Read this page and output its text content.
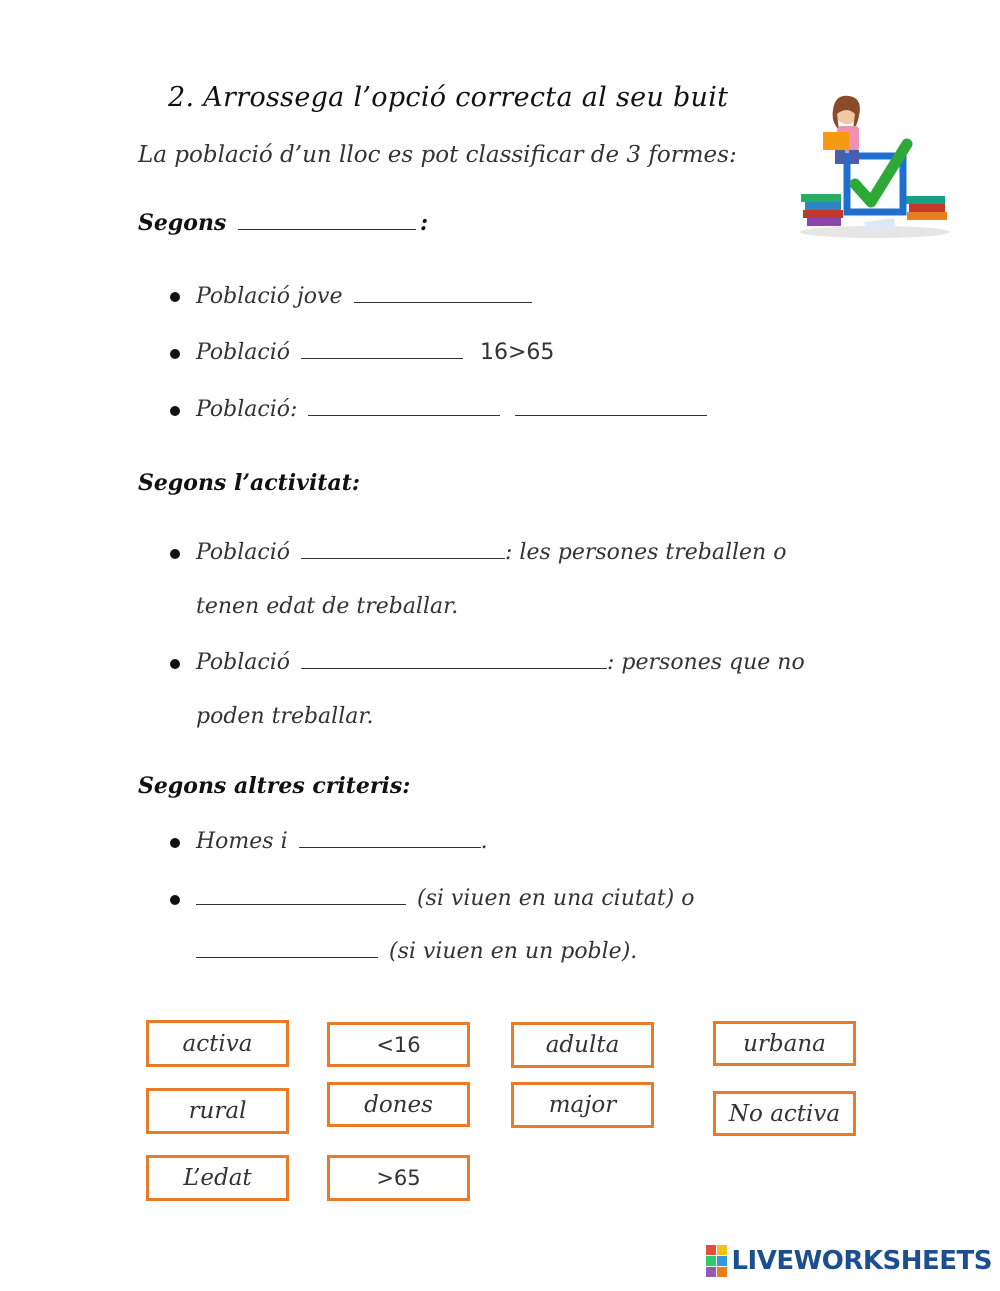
2. Arrossega l’opció correcta al seu buit
La població d’un lloc es pot classificar de 3 formes:
Segons	:
Població jove
Població	16>65
Població:
Segons l’activitat:
Població	: les persones treballen o
tenen edat de treballar.
Població	: persones que no
poden treballar.
Segons altres criteris:
Homes i	.
(si viuen en una ciutat) o
(si viuen en un poble).
activa	<16	adulta	urbana
rural	dones	major	No activa
L’edat	>65
LIVEWORKSHEETS
